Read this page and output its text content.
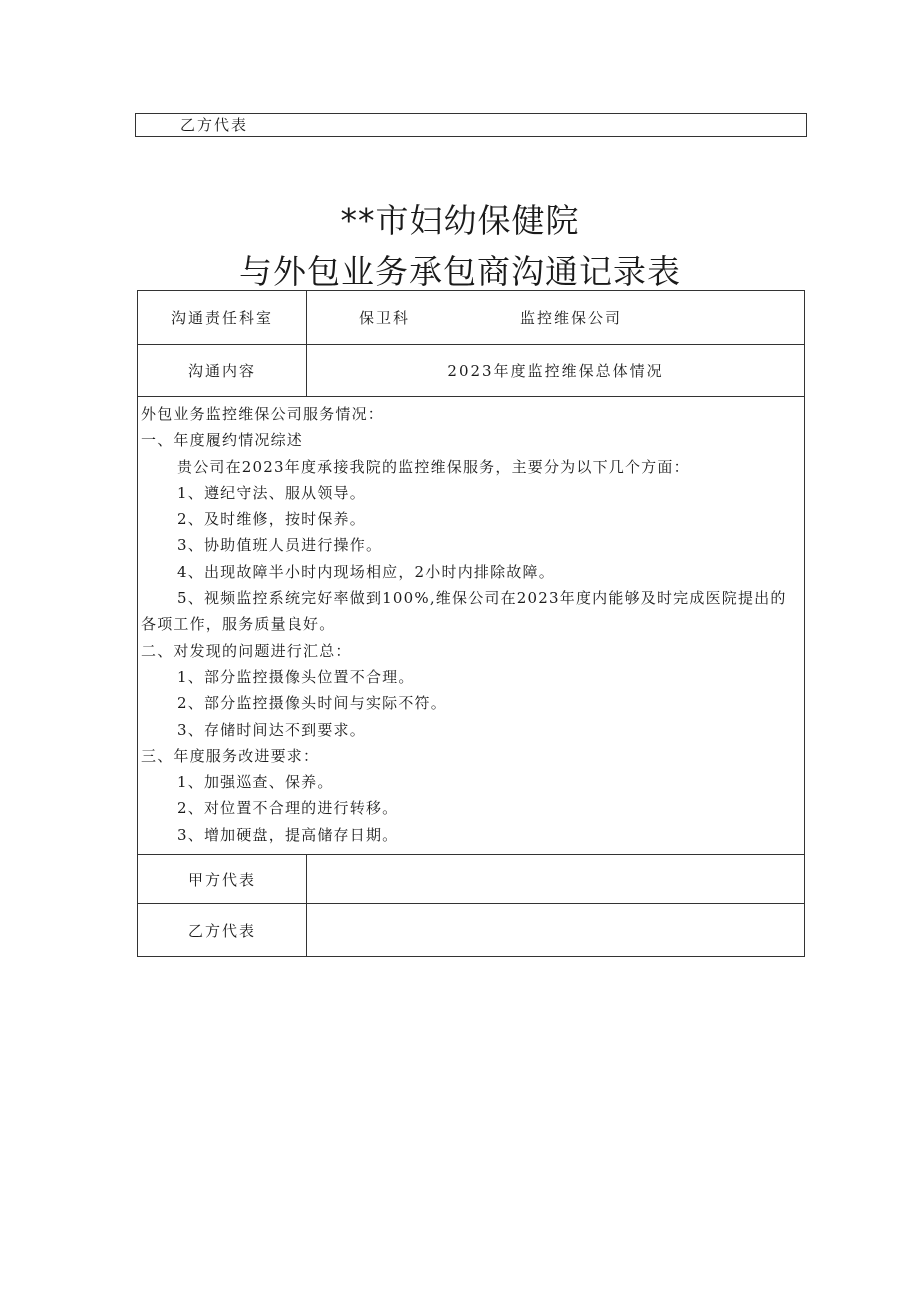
乙方代表
**市妇幼保健院
与外包业务承包商沟通记录表
沟通责任科室	保卫科	监控维保公司
沟通内容	2023年度监控维保总体情况
外包业务监控维保公司服务情况：
一、年度履约情况综述
贵公司在2023年度承接我院的监控维保服务，主要分为以下几个方面：
1、遵纪守法、服从领导。
2、及时维修，按时保养。
3、协助值班人员进行操作。
4、出现故障半小时内现场相应，2小时内排除故障。
5、视频监控系统完好率做到100%,维保公司在2023年度内能够及时完成医院提出的各项工作，服务质量良好。
二、对发现的问题进行汇总：
1、部分监控摄像头位置不合理。
2、部分监控摄像头时间与实际不符。
3、存储时间达不到要求。
三、年度服务改进要求：
1、加强巡查、保养。
2、对位置不合理的进行转移。
3、增加硬盘，提高储存日期。
甲方代表
乙方代表
